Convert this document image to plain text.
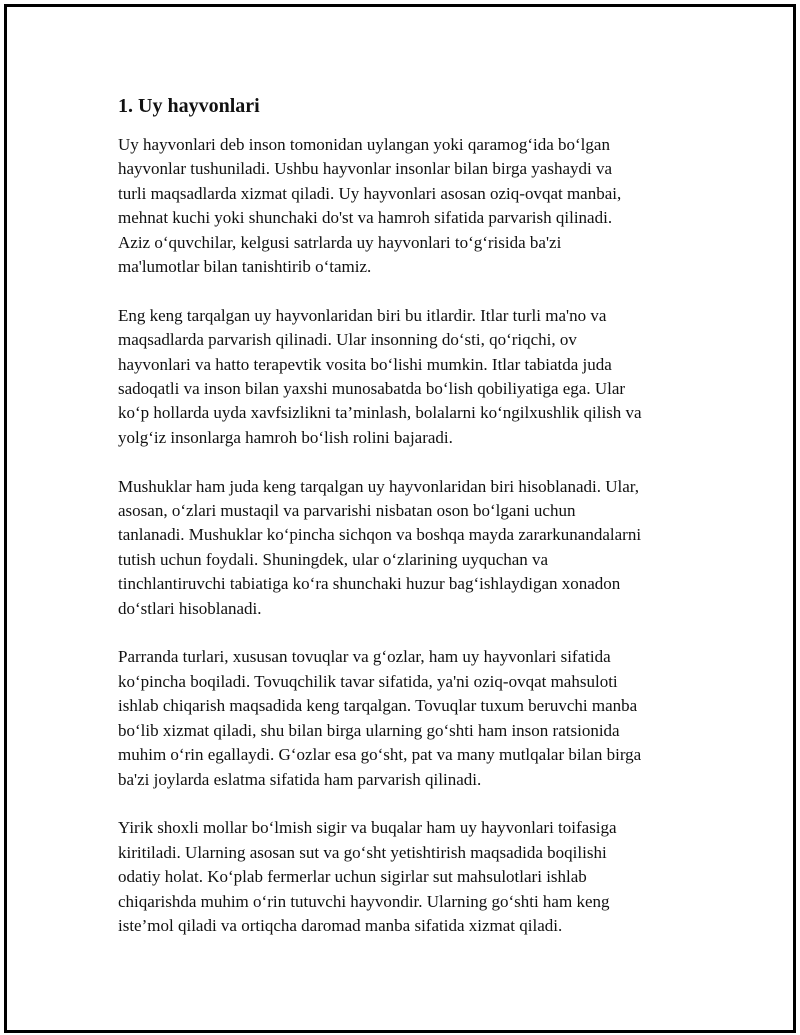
1. Uy hayvonlari

Uy hayvonlari deb inson tomonidan uylangan yoki qaramog‘ida bo‘lgan
hayvonlar tushuniladi. Ushbu hayvonlar insonlar bilan birga yashaydi va
turli maqsadlarda xizmat qiladi. Uy hayvonlari asosan oziq-ovqat manbai,
mehnat kuchi yoki shunchaki do'st va hamroh sifatida parvarish qilinadi.
Aziz o‘quvchilar, kelgusi satrlarda uy hayvonlari to‘g‘risida ba'zi
ma'lumotlar bilan tanishtirib o‘tamiz.

Eng keng tarqalgan uy hayvonlaridan biri bu itlardir. Itlar turli ma'no va
maqsadlarda parvarish qilinadi. Ular insonning do‘sti, qo‘riqchi, ov
hayvonlari va hatto terapevtik vosita bo‘lishi mumkin. Itlar tabiatda juda
sadoqatli va inson bilan yaxshi munosabatda bo‘lish qobiliyatiga ega. Ular
ko‘p hollarda uyda xavfsizlikni ta’minlash, bolalarni ko‘ngilxushlik qilish va
yolg‘iz insonlarga hamroh bo‘lish rolini bajaradi.

Mushuklar ham juda keng tarqalgan uy hayvonlaridan biri hisoblanadi. Ular,
asosan, o‘zlari mustaqil va parvarishi nisbatan oson bo‘lgani uchun
tanlanadi. Mushuklar ko‘pincha sichqon va boshqa mayda zararkunandalarni
tutish uchun foydali. Shuningdek, ular o‘zlarining uyquchan va
tinchlantiruvchi tabiatiga ko‘ra shunchaki huzur bag‘ishlaydigan xonadon
do‘stlari hisoblanadi.

Parranda turlari, xususan tovuqlar va g‘ozlar, ham uy hayvonlari sifatida
ko‘pincha boqiladi. Tovuqchilik tavar sifatida, ya'ni oziq-ovqat mahsuloti
ishlab chiqarish maqsadida keng tarqalgan. Tovuqlar tuxum beruvchi manba
bo‘lib xizmat qiladi, shu bilan birga ularning go‘shti ham inson ratsionida
muhim o‘rin egallaydi. G‘ozlar esa go‘sht, pat va many mutlqalar bilan birga
ba'zi joylarda eslatma sifatida ham parvarish qilinadi.

Yirik shoxli mollar bo‘lmish sigir va buqalar ham uy hayvonlari toifasiga
kiritiladi. Ularning asosan sut va go‘sht yetishtirish maqsadida boqilishi
odatiy holat. Ko‘plab fermerlar uchun sigirlar sut mahsulotlari ishlab
chiqarishda muhim o‘rin tutuvchi hayvondir. Ularning go‘shti ham keng
iste’mol qiladi va ortiqcha daromad manba sifatida xizmat qiladi.
